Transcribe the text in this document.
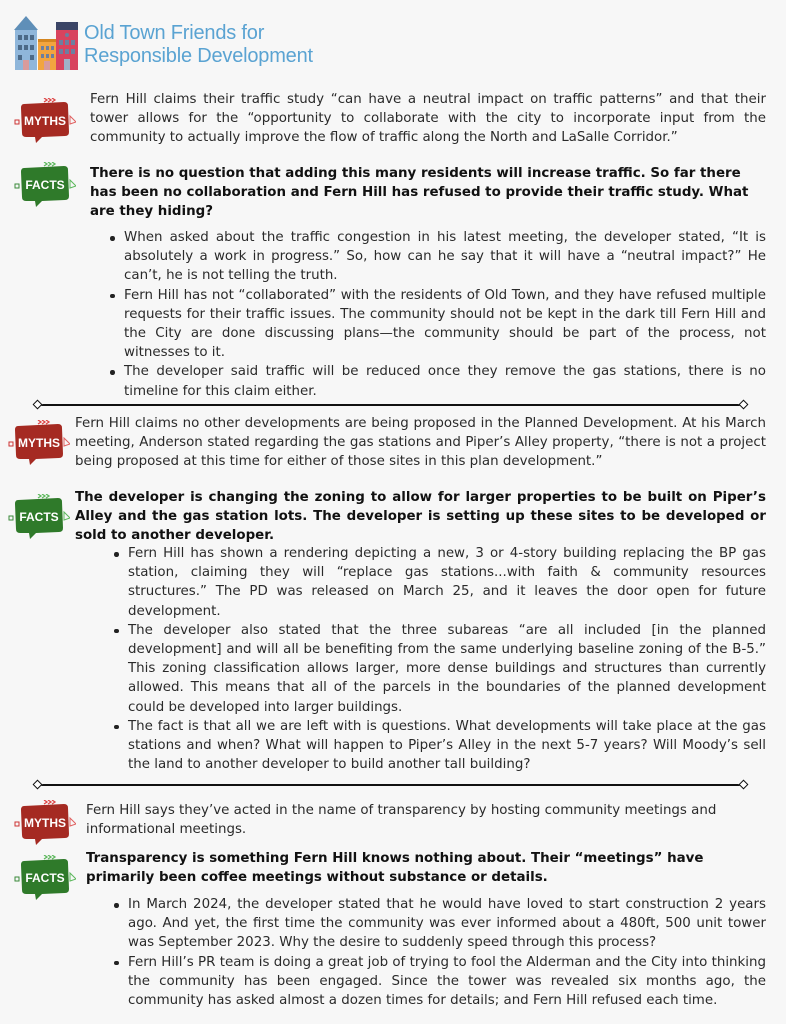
Old Town Friends for
Responsible Development
MYTHS
Fern Hill claims their traffic study “can have a neutral impact on traffic patterns” and that their tower allows for the “opportunity to collaborate with the city to incorporate input from the community to actually improve the flow of traffic along the North and LaSalle Corridor.”
FACTS
There is no question that adding this many residents will increase traffic. So far there has been no collaboration and Fern Hill has refused to provide their traffic study. What are they hiding?
When asked about the traffic congestion in his latest meeting, the developer stated, “It is absolutely a work in progress.” So, how can he say that it will have a “neutral impact?” He can’t, he is not telling the truth.
Fern Hill has not “collaborated” with the residents of Old Town, and they have refused multiple requests for their traffic issues. The community should not be kept in the dark till Fern Hill and the City are done discussing plans—the community should be part of the process, not witnesses to it.
The developer said traffic will be reduced once they remove the gas stations, there is no timeline for this claim either.
MYTHS
Fern Hill claims no other developments are being proposed in the Planned Development. At his March meeting, Anderson stated regarding the gas stations and Piper’s Alley property, “there is not a project being proposed at this time for either of those sites in this plan development.”
FACTS
The developer is changing the zoning to allow for larger properties to be built on Piper’s Alley and the gas station lots. The developer is setting up these sites to be developed or sold to another developer.
Fern Hill has shown a rendering depicting a new, 3 or 4-story building replacing the BP gas station, claiming they will “replace gas stations...with faith & community resources structures.” The PD was released on March 25, and it leaves the door open for future development.
The developer also stated that the three subareas “are all included [in the planned development] and will all be benefiting from the same underlying baseline zoning of the B-5.” This zoning classification allows larger, more dense buildings and structures than currently allowed. This means that all of the parcels in the boundaries of the planned development could be developed into larger buildings.
The fact is that all we are left with is questions. What developments will take place at the gas stations and when? What will happen to Piper’s Alley in the next 5-7 years? Will Moody’s sell the land to another developer to build another tall building?
MYTHS
Fern Hill says they’ve acted in the name of transparency by hosting community meetings and informational meetings.
FACTS
Transparency is something Fern Hill knows nothing about. Their “meetings” have primarily been coffee meetings without substance or details.
In March 2024, the developer stated that he would have loved to start construction 2 years ago. And yet, the first time the community was ever informed about a 480ft, 500 unit tower was September 2023. Why the desire to suddenly speed through this process?
Fern Hill’s PR team is doing a great job of trying to fool the Alderman and the City into thinking the community has been engaged. Since the tower was revealed six months ago, the community has asked almost a dozen times for details; and Fern Hill refused each time.
